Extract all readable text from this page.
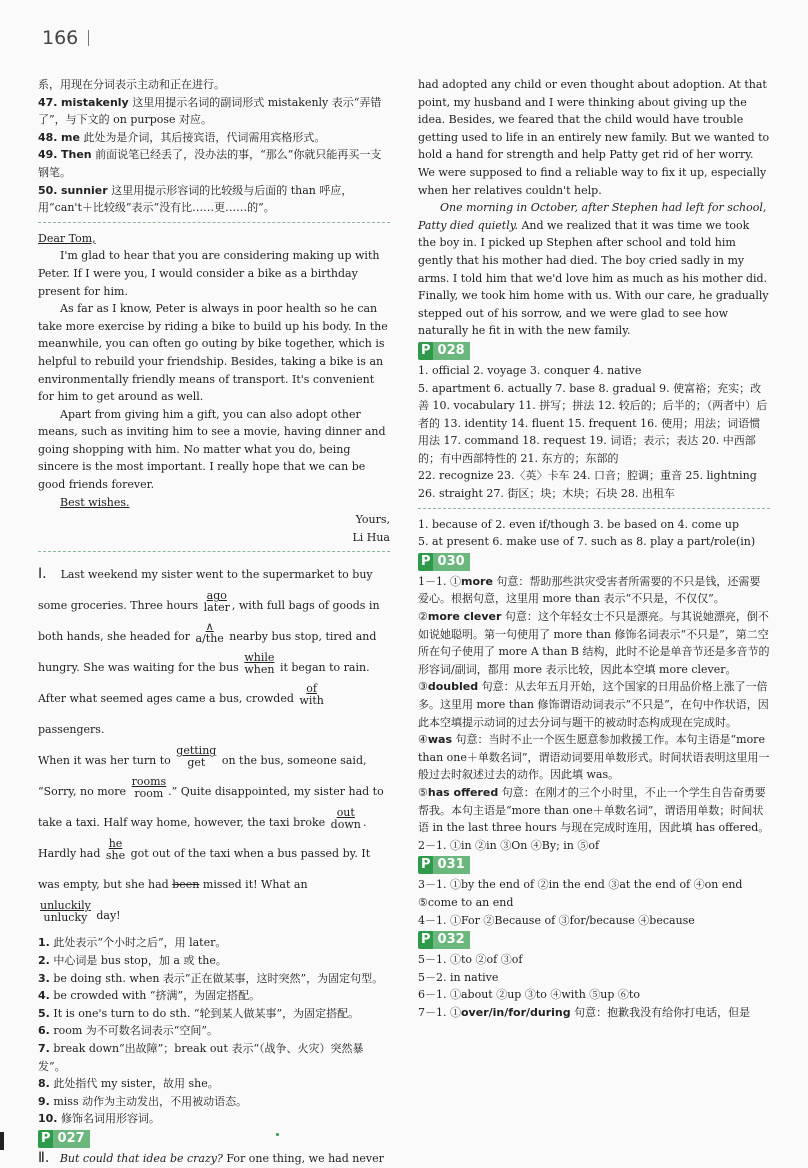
166

系，用现在分词表示主动和正在进行。

47. mistakenly 这里用提示名词的副词形式 mistakenly 表示“弄错了”，与下文的 on purpose 对应。

48. me 此处为是介词，其后接宾语，代词需用宾格形式。

49. Then 前面说笔已经丢了，没办法的事，“那么”你就只能再买一支钢笔。

50. sunnier 这里用提示形容词的比较级与后面的 than 呼应，用“can't＋比较级”表示“没有比……更……的”。

Dear Tom,

I'm glad to hear that you are considering making up with Peter. If I were you, I would consider a bike as a birthday present for him.

As far as I know, Peter is always in poor health so he can take more exercise by riding a bike to build up his body. In the meanwhile, you can often go outing by bike together, which is helpful to rebuild your friendship. Besides, taking a bike is an environmentally friendly means of transport. It's convenient for him to get around as well.

Apart from giving him a gift, you can also adopt other means, such as inviting him to see a movie, having dinner and going shopping with him. No matter what you do, being sincere is the most important. I really hope that we can be good friends forever.

Best wishes.

Yours,

Li Hua

Ⅰ. Last weekend my sister went to the supermarket to buy

some groceries. Three hours
ago
later , with full bags of goods in

both hands, she headed for
∧
a/the nearby bus stop, tired and

hungry. She was waiting for the bus
while
when it began to rain.

After what seemed ages came a bus, crowded
of
with
passengers.

When it was her turn to
getting
get	on the bus, someone said,

“Sorry, no more
rooms
room .” Quite disappointed, my sister had to

take a taxi. Half way home, however, the taxi broke
out
down .

Hardly had
he
she got out of the taxi when a bus passed by. It

was empty, but she had been missed it! What an

unluckily
unlucky day!

1. 此处表示“个小时之后”，用 later。

2. 中心词是 bus stop，加 a 或 the。

3. be doing sth. when 表示“正在做某事，这时突然”，为固定句型。

4. be crowded with “挤满”，为固定搭配。

5. It is one's turn to do sth. “轮到某人做某事”，为固定搭配。

6. room 为不可数名词表示“空间”。

7. break down“出故障”；break out 表示“（战争、火灾）突然暴发”。

8. 此处指代 my sister，故用 she。

9. miss 动作为主动发出，不用被动语态。

10. 修饰名词用形容词。

P 027

Ⅱ. But could that idea be crazy? For one thing, we had never

had adopted any child or even thought about adoption. At that point, my husband and I were thinking about giving up the idea. Besides, we feared that the child would have trouble getting used to life in an entirely new family. But we wanted to hold a hand for strength and help Patty get rid of her worry. We were supposed to find a reliable way to fix it up, especially when her relatives couldn't help.

One morning in October, after Stephen had left for school, Patty died quietly. And we realized that it was time we took the boy in. I picked up Stephen after school and told him gently that his mother had died. The boy cried sadly in my arms. I told him that we'd love him as much as his mother did. Finally, we took him home with us. With our care, he gradually stepped out of his sorrow, and we were glad to see how naturally he fit in with the new family.

P 028

1. official 2. voyage 3. conquer 4. native

5. apartment 6. actually 7. base 8. gradual 9. 使富裕；充实；改善 10. vocabulary 11. 拼写；拼法 12. 较后的；后半的；（两者中）后者的 13. identity 14. fluent 15. frequent 16. 使用；用法；词语惯用法 17. command 18. request 19. 词语；表示；表达 20. 中西部的；有中西部特性的 21. 东方的；东部的

22. recognize 23.〈英〉卡车 24. 口音；腔调；重音 25. lightning

26. straight 27. 街区；块；木块；石块 28. 出租车

1. because of 2. even if/though 3. be based on 4. come up

5. at present 6. make use of 7. such as 8. play a part/role(in)

P 030

1－1. ①more 句意：帮助那些洪灾受害者所需要的不只是钱，还需要爱心。根据句意，这里用 more than 表示“不只是，不仅仅”。

②more clever 句意：这个年轻女士不只是漂亮。与其说她漂亮，倒不如说她聪明。第一句使用了 more than 修饰名词表示“不只是”，第二空所在句子使用了 more A than B 结构，此时不论是单音节还是多音节的形容词/副词，都用 more 表示比较，因此本空填 more clever。

③doubled 句意：从去年五月开始，这个国家的日用品价格上涨了一倍多。这里用 more than 修饰谓语动词表示“不只是”，在句中作状语，因此本空填提示动词的过去分词与题干的被动时态构成现在完成时。

④was 句意：当时不止一个医生愿意参加救援工作。本句主语是“more than one＋单数名词”，谓语动词要用单数形式。时间状语表明这里用一般过去时叙述过去的动作。因此填 was。

⑤has offered 句意：在刚才的三个小时里，不止一个学生自告奋勇要帮我。本句主语是“more than one＋单数名词”，谓语用单数；时间状语 in the last three hours 与现在完成时连用，因此填 has offered。

2－1. ①in ②in ③On ④By; in ⑤of

P 031

3－1. ①by the end of ②in the end ③at the end of ④on end

⑤come to an end

4－1. ①For ②Because of ③for/because ④because

P 032

5－1. ①to ②of ③of

5－2. in native

6－1. ①about ②up ③to ④with ⑤up ⑥to

7－1. ①over/in/for/during 句意：抱歉我没有给你打电话，但是
